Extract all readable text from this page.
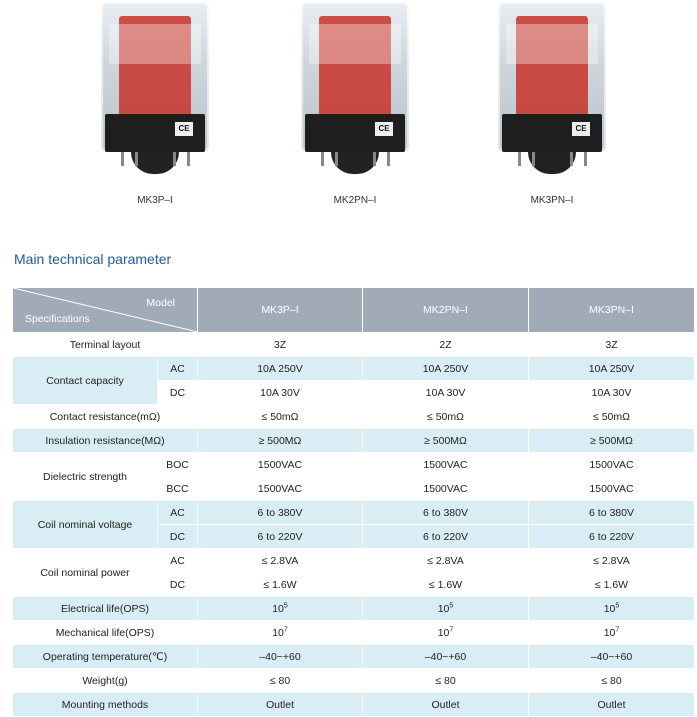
CE
MK3P–I
CE
MK2PN–I
CE
MK3PN–I
Main technical parameter
Model
Specifications		MK3P–I	MK2PN–I	MK3PN–I
Terminal layout		3Z	2Z	3Z
Contact capacity	AC	10A 250V	10A 250V	10A 250V
	DC	10A 30V	10A 30V	10A 30V
Contact resistance(mΩ)		≤ 50mΩ	≤ 50mΩ	≤ 50mΩ
Insulation resistance(MΩ)		≥ 500MΩ	≥ 500MΩ	≥ 500MΩ
Dielectric strength	BOC	1500VAC	1500VAC	1500VAC
	BCC	1500VAC	1500VAC	1500VAC
Coil nominal voltage	AC	6 to 380V	6 to 380V	6 to 380V
	DC	6 to 220V	6 to 220V	6 to 220V
Coil nominal power	AC	≤ 2.8VA	≤ 2.8VA	≤ 2.8VA
	DC	≤ 1.6W	≤ 1.6W	≤ 1.6W
Electrical life(OPS)		$10^5$	$10^5$	$10^5$
Mechanical life(OPS)		$10^7$	$10^7$	$10^7$
Operating temperature(℃)		–40~+60	–40~+60	–40~+60
Weight(g)		≤ 80	≤ 80	≤ 80
Mounting methods		Outlet	Outlet	Outlet
